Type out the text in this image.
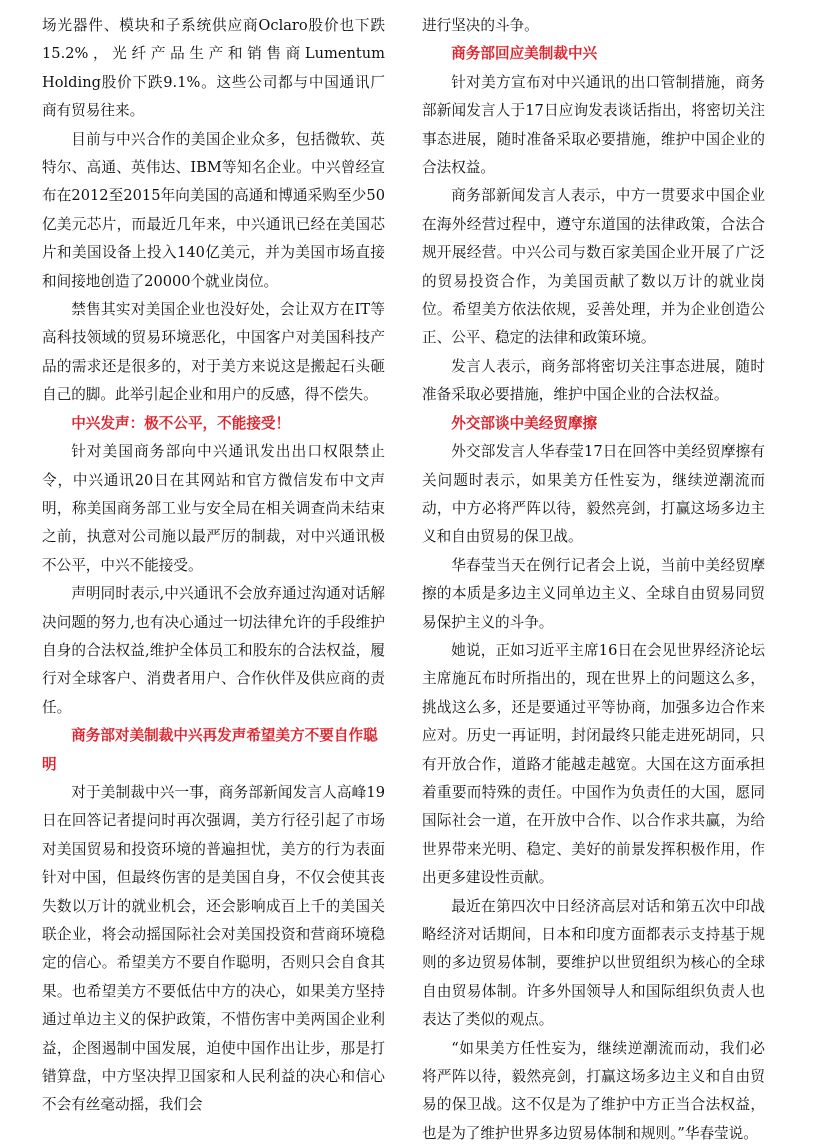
场光器件、模块和子系统供应商Oclaro股价也下跌15.2%，光纤产品生产和销售商Lumentum Holding股价下跌9.1%。这些公司都与中国通讯厂商有贸易往来。

目前与中兴合作的美国企业众多，包括微软、英特尔、高通、英伟达、IBM等知名企业。中兴曾经宣布在2012至2015年向美国的高通和博通采购至少50亿美元芯片，而最近几年来，中兴通讯已经在美国芯片和美国设备上投入140亿美元，并为美国市场直接和间接地创造了20000个就业岗位。

禁售其实对美国企业也没好处，会让双方在IT等高科技领域的贸易环境恶化，中国客户对美国科技产品的需求还是很多的，对于美方来说这是搬起石头砸自己的脚。此举引起企业和用户的反感，得不偿失。

中兴发声：极不公平，不能接受！

针对美国商务部向中兴通讯发出出口权限禁止令，中兴通讯20日在其网站和官方微信发布中文声明，称美国商务部工业与安全局在相关调查尚未结束之前，执意对公司施以最严厉的制裁，对中兴通讯极不公平，中兴不能接受。

声明同时表示,中兴通讯不会放弃通过沟通对话解决问题的努力,也有决心通过一切法律允许的手段维护自身的合法权益,维护全体员工和股东的合法权益，履行对全球客户、消费者用户、合作伙伴及供应商的责任。

商务部对美制裁中兴再发声希望美方不要自作聪明

对于美制裁中兴一事，商务部新闻发言人高峰19日在回答记者提问时再次强调，美方行径引起了市场对美国贸易和投资环境的普遍担忧，美方的行为表面针对中国，但最终伤害的是美国自身，不仅会使其丧失数以万计的就业机会，还会影响成百上千的美国关联企业，将会动摇国际社会对美国投资和营商环境稳定的信心。希望美方不要自作聪明，否则只会自食其果。也希望美方不要低估中方的决心，如果美方坚持通过单边主义的保护政策，不惜伤害中美两国企业利益，企图遏制中国发展，迫使中国作出让步，那是打错算盘，中方坚决捍卫国家和人民利益的决心和信心不会有丝毫动摇，我们会

进行坚决的斗争。

商务部回应美制裁中兴

针对美方宣布对中兴通讯的出口管制措施，商务部新闻发言人于17日应询发表谈话指出，将密切关注事态进展，随时准备采取必要措施，维护中国企业的合法权益。

商务部新闻发言人表示，中方一贯要求中国企业在海外经营过程中，遵守东道国的法律政策，合法合规开展经营。中兴公司与数百家美国企业开展了广泛的贸易投资合作，为美国贡献了数以万计的就业岗位。希望美方依法依规，妥善处理，并为企业创造公正、公平、稳定的法律和政策环境。

发言人表示，商务部将密切关注事态进展，随时准备采取必要措施，维护中国企业的合法权益。

外交部谈中美经贸摩擦

外交部发言人华春莹17日在回答中美经贸摩擦有关问题时表示，如果美方任性妄为，继续逆潮流而动，中方必将严阵以待，毅然亮剑，打赢这场多边主义和自由贸易的保卫战。

华春莹当天在例行记者会上说，当前中美经贸摩擦的本质是多边主义同单边主义、全球自由贸易同贸易保护主义的斗争。

她说，正如习近平主席16日在会见世界经济论坛主席施瓦布时所指出的，现在世界上的问题这么多，挑战这么多，还是要通过平等协商，加强多边合作来应对。历史一再证明，封闭最终只能走进死胡同，只有开放合作，道路才能越走越宽。大国在这方面承担着重要而特殊的责任。中国作为负责任的大国，愿同国际社会一道，在开放中合作、以合作求共赢，为给世界带来光明、稳定、美好的前景发挥积极作用，作出更多建设性贡献。

最近在第四次中日经济高层对话和第五次中印战略经济对话期间，日本和印度方面都表示支持基于规则的多边贸易体制，要维护以世贸组织为核心的全球自由贸易体制。许多外国领导人和国际组织负责人也表达了类似的观点。

“如果美方任性妄为，继续逆潮流而动，我们必将严阵以待，毅然亮剑，打赢这场多边主义和自由贸易的保卫战。这不仅是为了维护中方正当合法权益，也是为了维护世界多边贸易体制和规则。”华春莹说。
